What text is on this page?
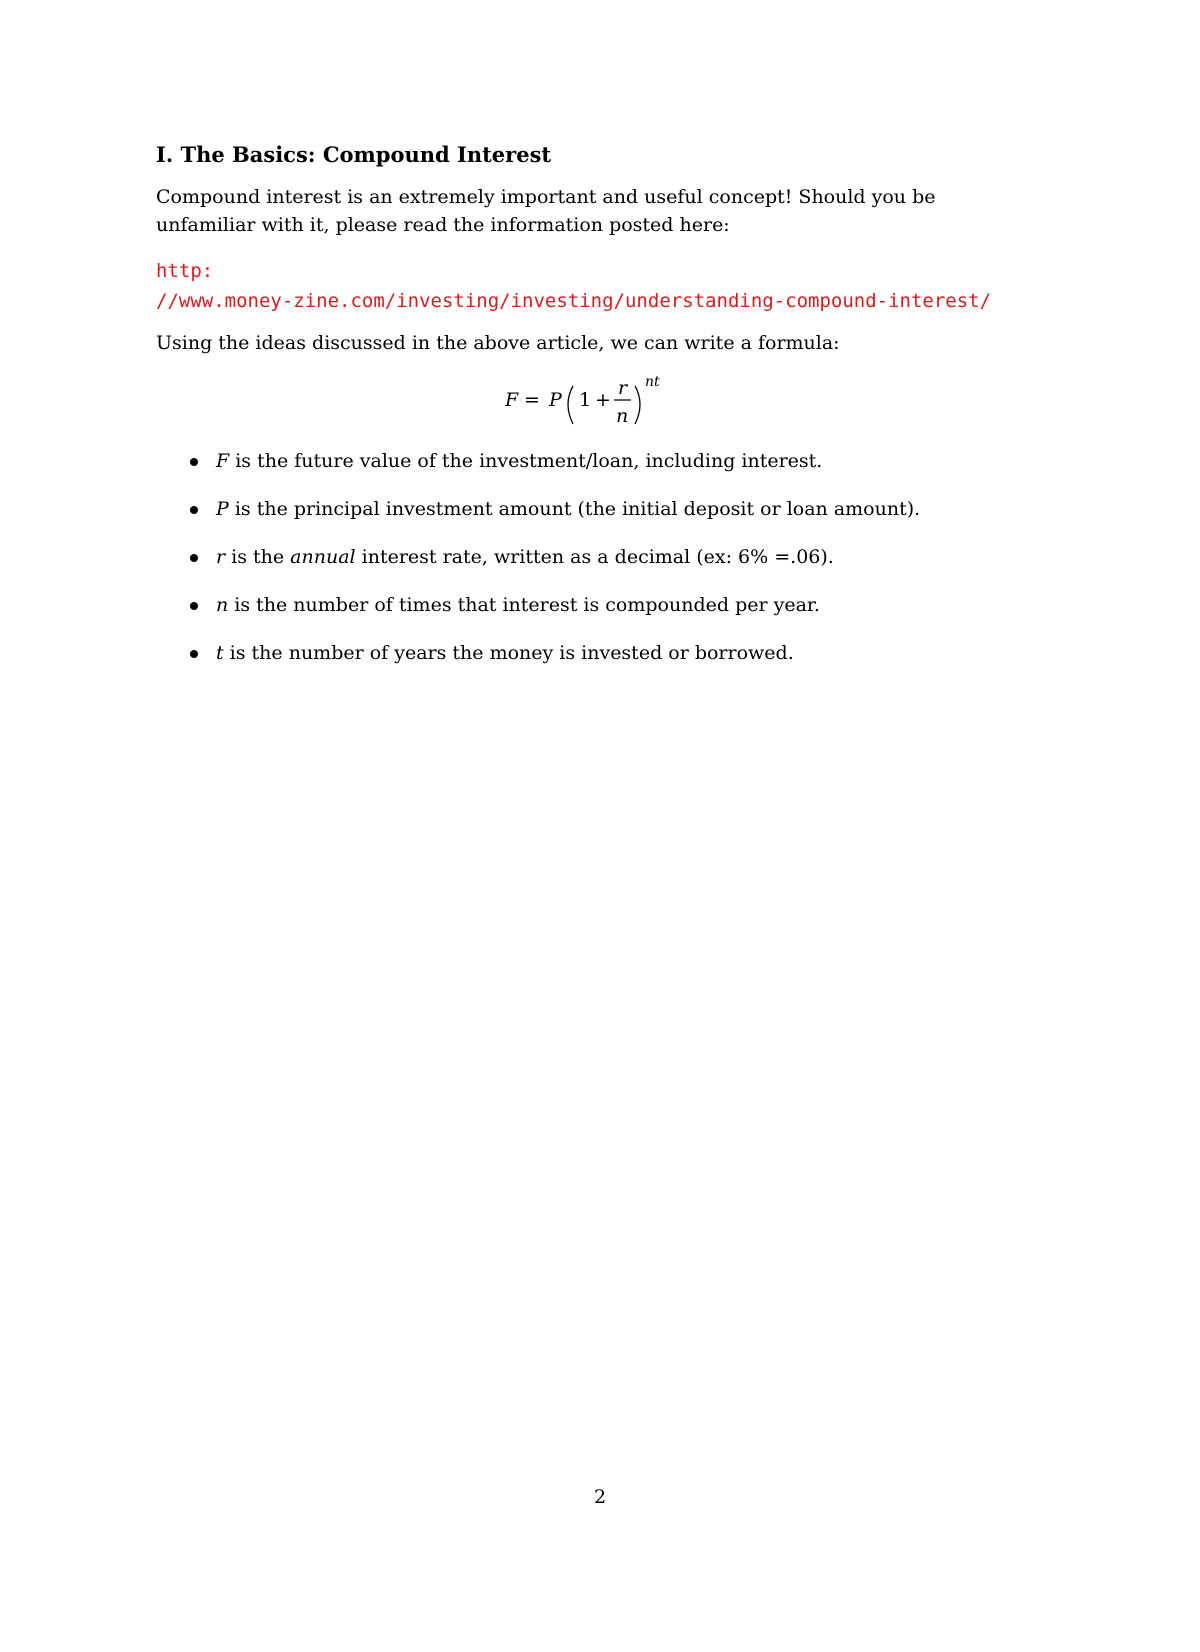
I. The Basics: Compound Interest

Compound interest is an extremely important and useful concept! Should you be unfamiliar with it, please read the information posted here:

http:
//www.money-zine.com/investing/investing/understanding-compound-interest/

Using the ideas discussed in the above article, we can write a formula:

F = P 1 +
r
n
nt
F is the future value of the investment/loan, including interest.
P is the principal investment amount (the initial deposit or loan amount).
r is the annual interest rate, written as a decimal (ex: 6% =.06).
n is the number of times that interest is compounded per year.
t is the number of years the money is invested or borrowed.
2
